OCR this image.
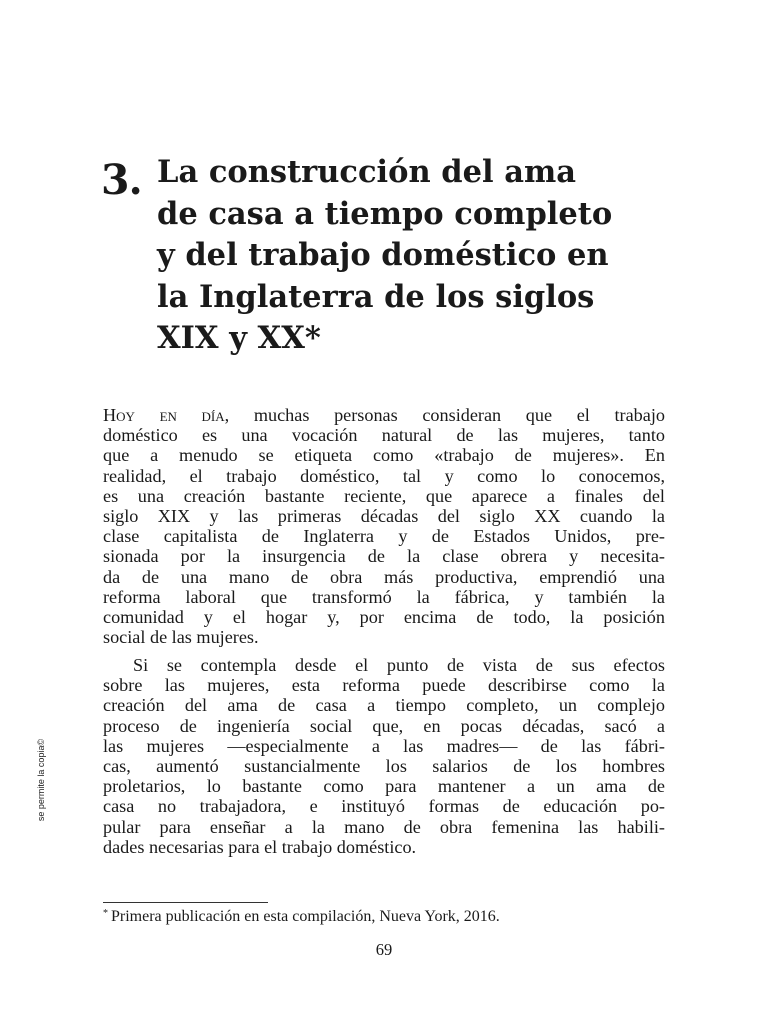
se permite la copia©
3. La construcción del ama
de casa a tiempo completo
y del trabajo doméstico en
la Inglaterra de los siglos
XIX y XX*
Hoy en día, muchas personas consideran que el trabajo
doméstico es una vocación natural de las mujeres, tanto
que a menudo se etiqueta como «trabajo de mujeres». En
realidad, el trabajo doméstico, tal y como lo conocemos,
es una creación bastante reciente, que aparece a finales del
siglo XIX y las primeras décadas del siglo XX cuando la
clase capitalista de Inglaterra y de Estados Unidos, pre-
sionada por la insurgencia de la clase obrera y necesita-
da de una mano de obra más productiva, emprendió una
reforma laboral que transformó la fábrica, y también la
comunidad y el hogar y, por encima de todo, la posición
social de las mujeres.
Si se contempla desde el punto de vista de sus efectos
sobre las mujeres, esta reforma puede describirse como la
creación del ama de casa a tiempo completo, un complejo
proceso de ingeniería social que, en pocas décadas, sacó a
las mujeres —especialmente a las madres— de las fábri-
cas, aumentó sustancialmente los salarios de los hombres
proletarios, lo bastante como para mantener a un ama de
casa no trabajadora, e instituyó formas de educación po-
pular para enseñar a la mano de obra femenina las habili-
dades necesarias para el trabajo doméstico.

* Primera publicación en esta compilación, Nueva York, 2016.

69
